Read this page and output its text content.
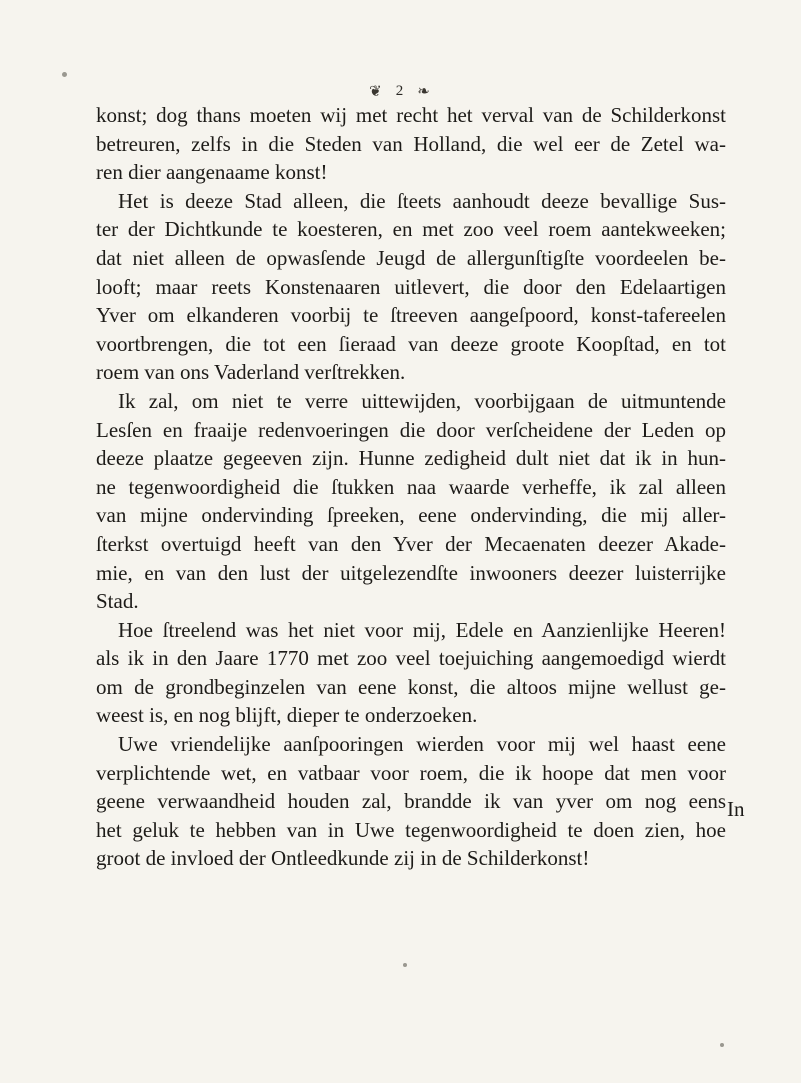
❦ 2 ❧
konst; dog thans moeten wij met recht het verval van de Schilderkonst
betreuren, zelfs in die Steden van Holland, die wel eer de Zetel wa-
ren dier aangenaame konst!
Het is deeze Stad alleen, die ſteets aanhoudt deeze bevallige Sus-
ter der Dichtkunde te koesteren, en met zoo veel roem aantekweeken;
dat niet alleen de opwasſende Jeugd de allergunſtigſte voordeelen be-
looft; maar reets Konstenaaren uitlevert, die door den Edelaartigen
Yver om elkanderen voorbij te ſtreeven aangeſpoord, konst-tafereelen
voortbrengen, die tot een ſieraad van deeze groote Koopſtad, en tot
roem van ons Vaderland verſtrekken.
Ik zal, om niet te verre uittewijden, voorbijgaan de uitmuntende
Lesſen en fraaije redenvoeringen die door verſcheidene der Leden op
deeze plaatze gegeeven zijn. Hunne zedigheid dult niet dat ik in hun-
ne tegenwoordigheid die ſtukken naa waarde verheffe, ik zal alleen
van mijne ondervinding ſpreeken, eene ondervinding, die mij aller-
ſterkst overtuigd heeft van den Yver der Mecaenaten deezer Akade-
mie, en van den lust der uitgelezendſte inwooners deezer luisterrijke
Stad.
Hoe ſtreelend was het niet voor mij, Edele en Aanzienlijke Heeren!
als ik in den Jaare 1770 met zoo veel toejuiching aangemoedigd wierdt
om de grondbeginzelen van eene konst, die altoos mijne wellust ge-
weest is, en nog blijft, dieper te onderzoeken.
Uwe vriendelijke aanſpooringen wierden voor mij wel haast eene
verplichtende wet, en vatbaar voor roem, die ik hoope dat men voor
geene verwaandheid houden zal, brandde ik van yver om nog eens
het geluk te hebben van in Uwe tegenwoordigheid te doen zien, hoe
groot de invloed der Ontleedkunde zij in de Schilderkonst!
In
